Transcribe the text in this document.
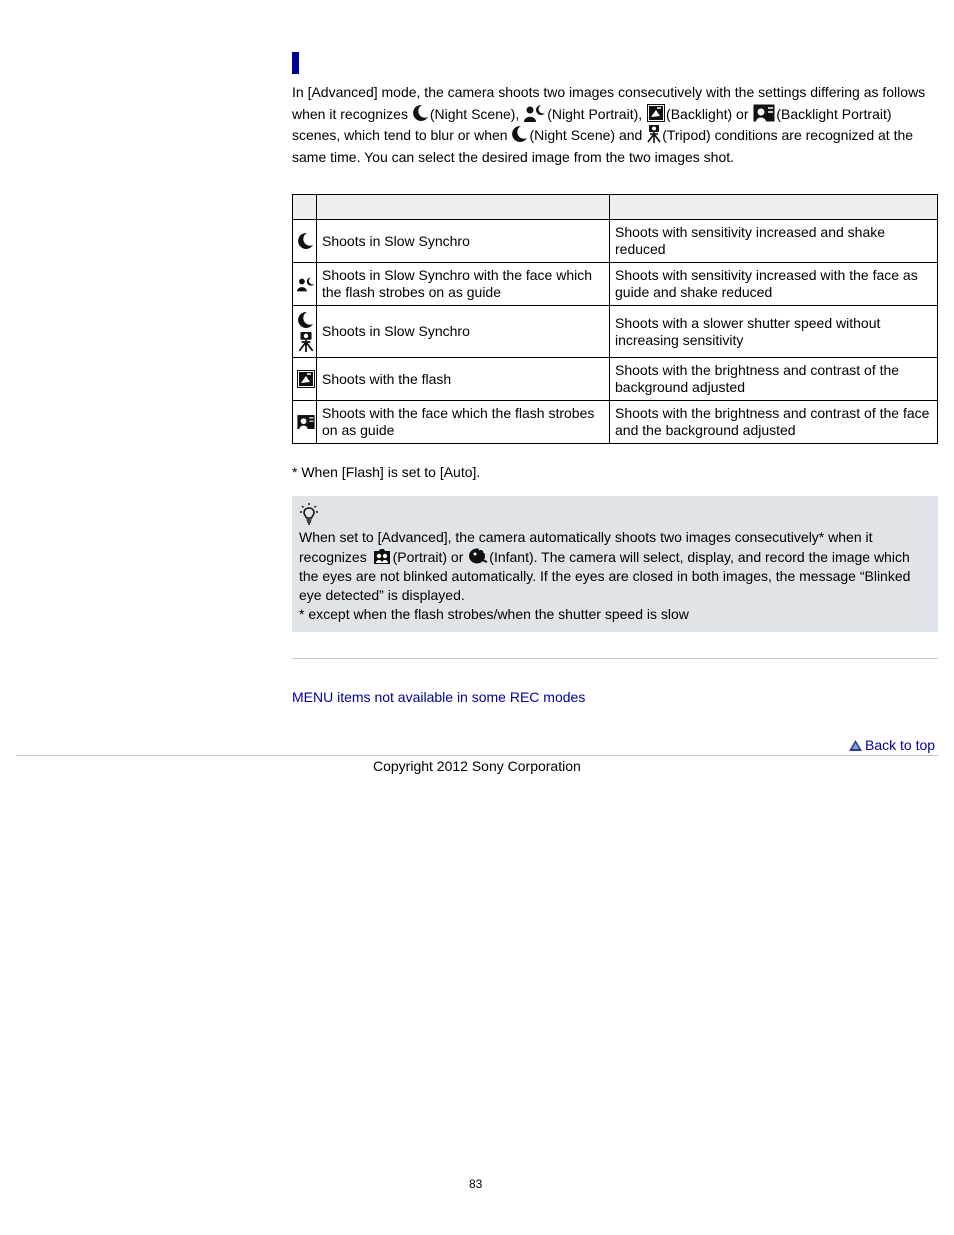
In [Advanced] mode, the camera shoots two images consecutively with the settings differing as follows when it recognizes
(Night Scene),
(Night Portrait),
(Backlight) or
(Backlight Portrait) scenes, which tend to blur or when
(Night Scene) and
(Tripod) conditions are recognized at the same time. You can select the desired image from the two images shot.

	Shoots in Slow Synchro	Shoots with sensitivity increased and shake reduced

	Shoots in Slow Synchro with the face which the flash strobes on as guide	Shoots with sensitivity increased with the face as guide and shake reduced

	Shoots in Slow Synchro	Shoots with a slower shutter speed without increasing sensitivity

	Shoots with the flash	Shoots with the brightness and contrast of the background adjusted

	Shoots with the face which the flash strobes on as guide	Shoots with the brightness and contrast of the face and the background adjusted
* When [Flash] is set to [Auto].

When set to [Advanced], the camera automatically shoots two images consecutively* when it recognizes
(Portrait) or
(Infant). The camera will select, display, and record the image which the eyes are not blinked automatically. If the eyes are closed in both images, the message “Blinked eye detected” is displayed.

* except when the flash strobes/when the shutter speed is slow

MENU items not available in some REC modes
Back to top
Copyright 2012 Sony Corporation
83
